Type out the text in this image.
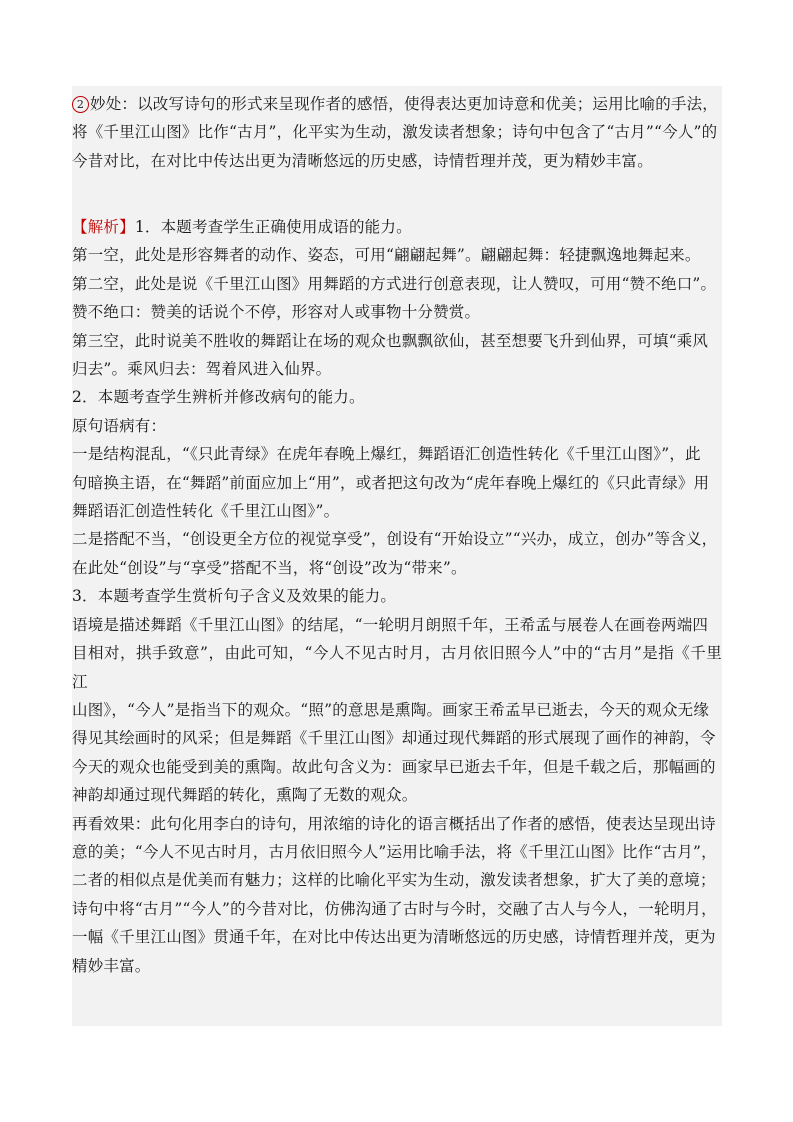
2 妙处：以改写诗句的形式来呈现作者的感悟，使得表达更加诗意和优美；运用比喻的手法，

将《千里江山图》比作“古月”，化平实为生动，激发读者想象；诗句中包含了“古月”“今人”的

今昔对比，在对比中传达出更为清晰悠远的历史感，诗情哲理并茂，更为精妙丰富。

【解析】1．本题考查学生正确使用成语的能力。

第一空，此处是形容舞者的动作、姿态，可用“翩翩起舞”。翩翩起舞：轻捷飘逸地舞起来。

第二空，此处是说《千里江山图》用舞蹈的方式进行创意表现，让人赞叹，可用“赞不绝口”。

赞不绝口：赞美的话说个不停，形容对人或事物十分赞赏。

第三空，此时说美不胜收的舞蹈让在场的观众也飘飘欲仙，甚至想要飞升到仙界，可填“乘风

归去”。乘风归去：驾着风进入仙界。

2．本题考查学生辨析并修改病句的能力。

原句语病有：

一是结构混乱，“《只此青绿》在虎年春晚上爆红，舞蹈语汇创造性转化《千里江山图》”，此

句暗换主语，在“舞蹈”前面应加上“用”，或者把这句改为“虎年春晚上爆红的《只此青绿》用

舞蹈语汇创造性转化《千里江山图》”。

二是搭配不当，“创设更全方位的视觉享受”，创设有“开始设立”“兴办，成立，创办”等含义，

在此处“创设”与“享受”搭配不当，将“创设”改为“带来”。

3．本题考查学生赏析句子含义及效果的能力。

语境是描述舞蹈《千里江山图》的结尾，“一轮明月朗照千年，王希孟与展卷人在画卷两端四

目相对，拱手致意”，由此可知，“今人不见古时月，古月依旧照今人”中的“古月”是指《千里江

山图》，“今人”是指当下的观众。“照”的意思是熏陶。画家王希孟早已逝去，今天的观众无缘

得见其绘画时的风采；但是舞蹈《千里江山图》却通过现代舞蹈的形式展现了画作的神韵，令

今天的观众也能受到美的熏陶。故此句含义为：画家早已逝去千年，但是千载之后，那幅画的

神韵却通过现代舞蹈的转化，熏陶了无数的观众。

再看效果：此句化用李白的诗句，用浓缩的诗化的语言概括出了作者的感悟，使表达呈现出诗

意的美；“今人不见古时月，古月依旧照今人”运用比喻手法，将《千里江山图》比作“古月”，

二者的相似点是优美而有魅力；这样的比喻化平实为生动，激发读者想象，扩大了美的意境；

诗句中将“古月”“今人”的今昔对比，仿佛沟通了古时与今时，交融了古人与今人，一轮明月，

一幅《千里江山图》贯通千年，在对比中传达出更为清晰悠远的历史感，诗情哲理并茂，更为

精妙丰富。
